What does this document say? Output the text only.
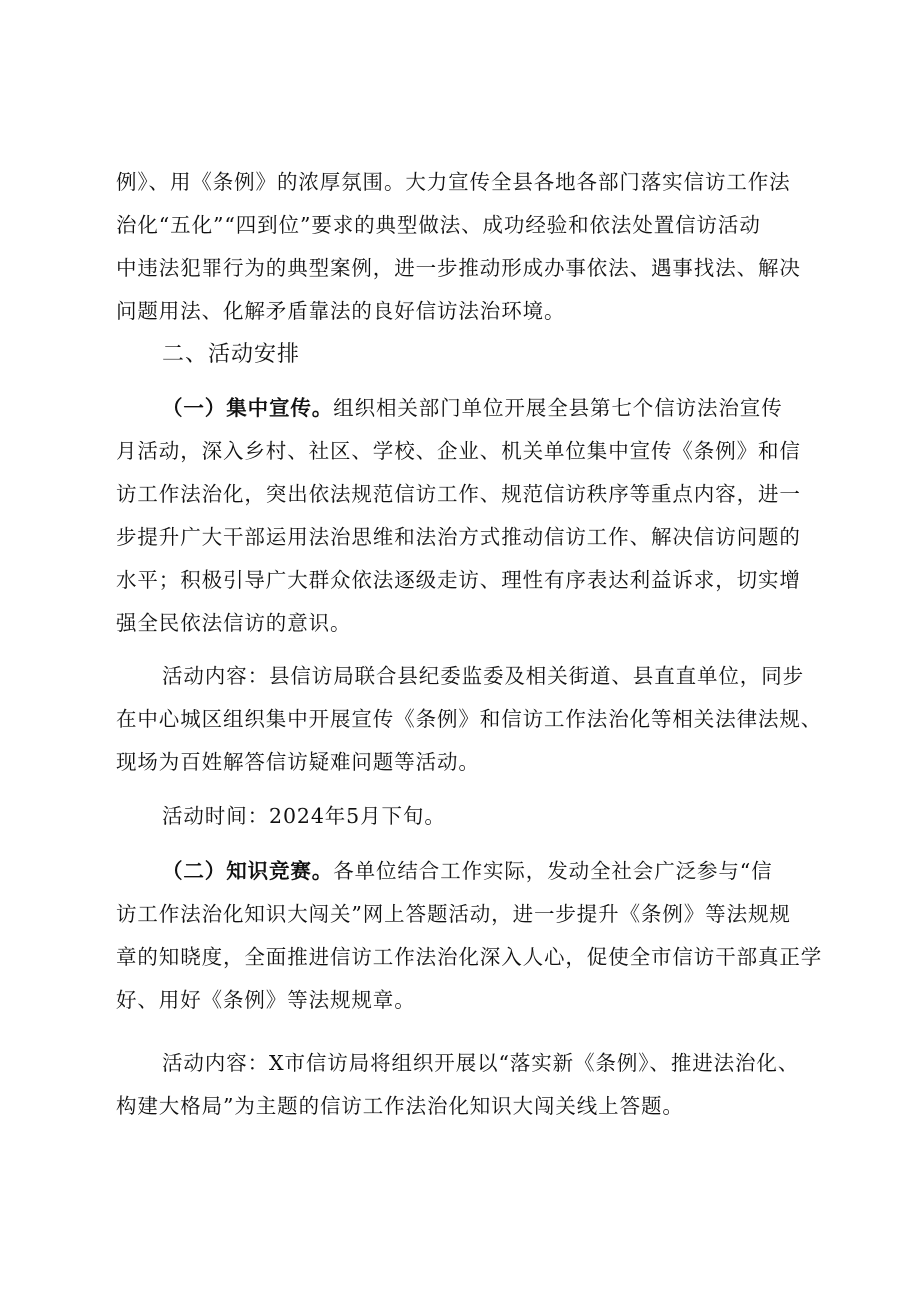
例》、用《条例》的浓厚氛围。大力宣传全县各地各部门落实信访工作法
治化“五化”“四到位”要求的典型做法、成功经验和依法处置信访活动
中违法犯罪行为的典型案例，进一步推动形成办事依法、遇事找法、解决
问题用法、化解矛盾靠法的良好信访法治环境。
二、活动安排
（一）集中宣传。组织相关部门单位开展全县第七个信访法治宣传
月活动，深入乡村、社区、学校、企业、机关单位集中宣传《条例》和信
访工作法治化，突出依法规范信访工作、规范信访秩序等重点内容，进一
步提升广大干部运用法治思维和法治方式推动信访工作、解决信访问题的
水平；积极引导广大群众依法逐级走访、理性有序表达利益诉求，切实增
强全民依法信访的意识。
活动内容：县信访局联合县纪委监委及相关街道、县直直单位，同步
在中心城区组织集中开展宣传《条例》和信访工作法治化等相关法律法规、
现场为百姓解答信访疑难问题等活动。
活动时间：2024年5月下旬。
（二）知识竞赛。各单位结合工作实际，发动全社会广泛参与“信
访工作法治化知识大闯关”网上答题活动，进一步提升《条例》等法规规
章的知晓度，全面推进信访工作法治化深入人心，促使全市信访干部真正学
好、用好《条例》等法规规章。
活动内容：X市信访局将组织开展以“落实新《条例》、推进法治化、
构建大格局”为主题的信访工作法治化知识大闯关线上答题。
